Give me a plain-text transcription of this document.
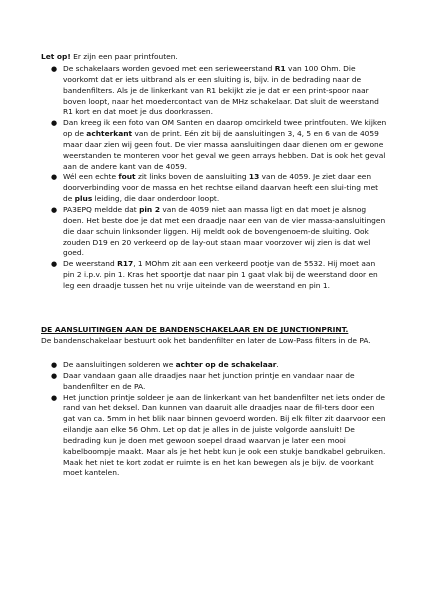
Let op! Er zijn een paar printfouten.

● De schakelaars worden gevoed met een serieweerstand R1 van 100 Ohm. Die voorkomt dat er iets uitbrand als er een sluiting is, bijv. in de bedrading naar de bandenfilters. Als je de linkerkant van R1 bekijkt zie je dat er een print-spoor naar boven loopt, naar het moedercontact van de MHz schakelaar. Dat sluit de weerstand R1 kort en dat moet je dus doorkrassen.
● Dan kreeg ik een foto van OM Santen en daarop omcirkeld twee printfouten. We kijken op de achterkant van de print. Eén zit bij de aansluitingen 3, 4, 5 en 6 van de 4059 maar daar zien wij geen fout. De vier massa aansluitingen daar dienen om er gewone weerstanden te monteren voor het geval we geen arrays hebben. Dat is ook het geval aan de andere kant van de 4059.
● Wél een echte fout zit links boven de aansluiting 13 van de 4059. Je ziet daar een doorverbinding voor de massa en het rechtse eiland daarvan heeft een slui-ting met de plus leiding, die daar onderdoor loopt.
● PA3EPQ meldde dat pin 2 van de 4059 niet aan massa ligt en dat moet je alsnog doen. Het beste doe je dat met een draadje naar een van de vier massa-aansluitingen die daar schuin linksonder liggen. Hij meldt ook de bovengenoem-de sluiting. Ook zouden D19 en 20 verkeerd op de lay-out staan maar voorzover wij zien is dat wel goed.
● De weerstand R17, 1 MOhm zit aan een verkeerd pootje van de 5532. Hij moet aan pin 2 i.p.v. pin 1. Kras het spoortje dat naar pin 1 gaat vlak bij de weerstand door en leg een draadje tussen het nu vrije uiteinde van de weerstand en pin 1.

DE AANSLUITINGEN AAN DE BANDENSCHAKELAAR EN DE JUNCTIONPRINT.

De bandenschakelaar bestuurt ook het bandenfilter en later de Low-Pass filters in de PA.

● De aansluitingen solderen we achter op de schakelaar.
● Daar vandaan gaan alle draadjes naar het junction printje en vandaar naar de bandenfilter en de PA.
● Het junction printje soldeer je aan de linkerkant van het bandenfilter net iets onder de rand van het deksel. Dan kunnen van daaruit alle draadjes naar de fil-ters door een gat van ca. 5mm in het blik naar binnen gevoerd worden. Bij elk filter zit daarvoor een eilandje aan elke 56 Ohm. Let op dat je alles in de juiste volgorde aansluit! De bedrading kun je doen met gewoon soepel draad waarvan je later een mooi kabelboompje maakt. Maar als je het hebt kun je ook een stukje bandkabel gebruiken. Maak het niet te kort zodat er ruimte is en het kan bewegen als je bijv. de voorkant moet kantelen.
